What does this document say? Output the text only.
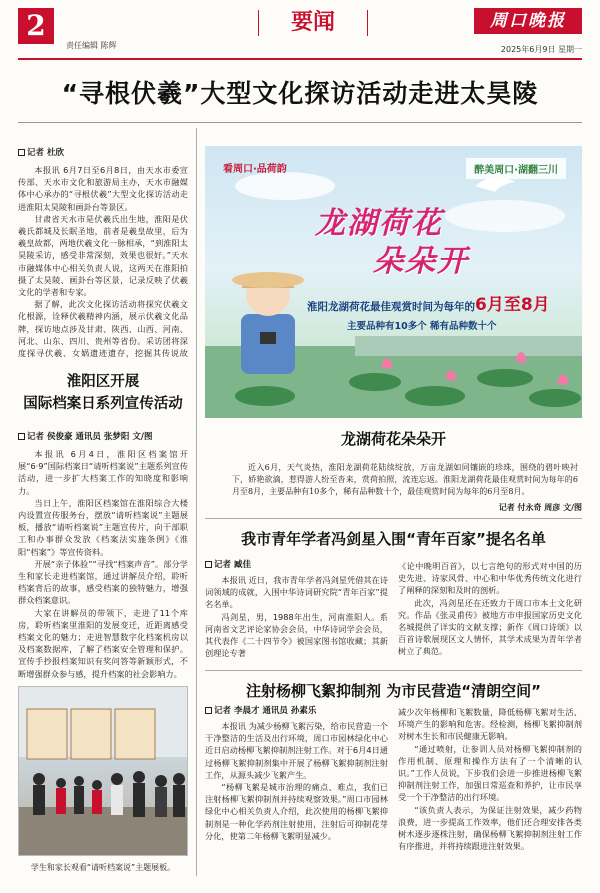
2
责任编辑 陈辉
要闻	周口晚报
2025年6月9日 星期一
“寻根伏羲”大型文化探访活动走进太昊陵
记者 杜欣

本报讯 6月7日至6月8日，由天水市委宣传部、天水市文化和旅游局主办，天水市融媒体中心承办的“寻根伏羲”大型文化探访活动走进淮阳太昊陵和画卦台等景区。

甘肃省天水市是伏羲氏出生地，淮阳是伏羲氏都城及长眠圣地，前者是羲皇故里，后为羲皇故都，两地伏羲文化一脉相承，“到淮阳太昊陵采访，感受非常深刻，效果也很好。”天水市融媒体中心相关负责人说，这两天在淮阳拍摄了太昊陵、画卦台等区景，记录反映了伏羲文化的学者和专家。

据了解，此次文化探访活动将探究伏羲文化根源，诠释伏羲精神内涵，展示伏羲文化品牌，探访地点涉及甘肃、陕西、山西、河南、河北、山东、四川、贵州等省份。采访团将深度探寻伏羲、女娲遗迹遗存，挖掘其传说故

淮阳区开展
国际档案日系列宣传活动
记者 侯俊豪 通讯员 张梦阳 文/图

本报讯 6月4日，淮阳区档案馆开展“6·9”国际档案日“请听档案说”主题系列宣传活动，进一步扩大档案工作的知晓度和影响力。

当日上午，淮阳区档案馆在淮阳综合大楼内设置宣传服务台，摆放“请听档案说”主题展板，播放“请听档案说”主题宣传片，向干部职工和办事群众发放《档案法实施条例》《淮阳“档案”》等宣传资料。

开展“亲子体验”“寻找“档案声音”。部分学生和家长走进档案馆，通过讲解员介绍，聆听档案背后的故事，感受档案的独特魅力，增强群众档案意识。

大家在讲解员的带领下，走进了11个库房，聆听档案里淮阳的发展变迁，近距离感受档案文化的魅力；走进智慧数字化档案机房以及档案数据库，了解了档案安全管理和保护。宣传手抄报档案知识有奖问答等新颖形式，不断增强群众参与感，提升档案的社会影响力。

学生和家长观看“请听档案说”主题展板。
看周口·品荷韵	醉美周口·湖翻三川
龙湖荷花
朵朵开
淮阳龙湖荷花最佳观赏时间为每年的6月至8月
主要品种有10多个 稀有品种数十个
龙湖荷花朵朵开

近入6月，天气炎热，淮阳龙湖荷花陆续绽放，万亩龙湖如同镶嵌的珍珠，围绕的碧叶映衬下，娇艳欲滴，惹得游人纷至沓来，赏荷拍照，流连忘返。淮阳龙湖荷花最佳观赏时间为每年的6月至8月，主要品种有10多个，稀有品种数十个，最佳观赏时间为每年的6月至8月。

记者 付永奇 周彦 文/图
我市青年学者冯剑星入围“青年百家”提名名单
记者 臧佳

本报讯 近日，我市青年学者冯剑星凭借其在诗词领域的成就，入围中华诗词研究院“青年百家”提名名单。

冯剑星，男，1988年出生，河南淮阳人。系河南省文艺评论家协会会员，中华诗词学会会员，其代表作《二十四节令》被国家图书馆收藏；其新创理论专著

《论中晚明百首》，以七言绝句的形式对中国的历史先进、诗家风骨、中心和中华优秀传统文化进行了阐释的深刻和及时的剖析。

此次，冯剑星还在还致力于周口市本土文化研究。作品《张灵甫传》被地方市申报国家历史文化名城提供了详实的文献支撑；新作《周口诗颂》以百首诗歌展现区文人情怀，其学术成果为青年学者树立了典范。

注射杨柳飞絮抑制剂 为市民营造“清朗空间”
记者 李晨才 通讯员 孙素乐

本报讯 为减少杨柳飞絮污染，给市民营造一个干净整洁的生活及出行环境，周口市园林绿化中心近日启动杨柳飞絮抑制剂注射工作。对于6月4日通过杨柳飞絮抑制剂集中开展了杨柳飞絮抑制剂注射工作，从源头减少飞絮产生。

“杨柳飞絮是城市治理的痛点、难点，我们已注射杨柳飞絮抑制剂并持续观察效果。”周口市园林绿化中心相关负责人介绍，此次使用的杨柳飞絮抑制剂是一种化学药剂注射使用，注射后可抑制花芽分化，使第二年杨柳飞絮明显减少。

减少次年杨柳和飞絮数量，降低杨柳飞絮对生活、环境产生的影响和危害。经检测，杨柳飞絮抑制剂对树木生长和市民健康无影响。

“通过喷射，让参训人员对杨柳飞絮抑制剂的作用机制、原理和操作方法有了一个清晰的认识。”工作人员说，下步我们会进一步推进杨柳飞絮抑制剂注射工作，加强日常巡查和养护，让市民享受一个干净整洁的出行环境。

“该负责人表示，为保证注射效果，减少药物浪费，进一步提高工作效率，他们还合理安排各类树木逐步逐株注射，确保杨柳飞絮抑制剂注射工作有序推进，并将持续跟进注射效果。
